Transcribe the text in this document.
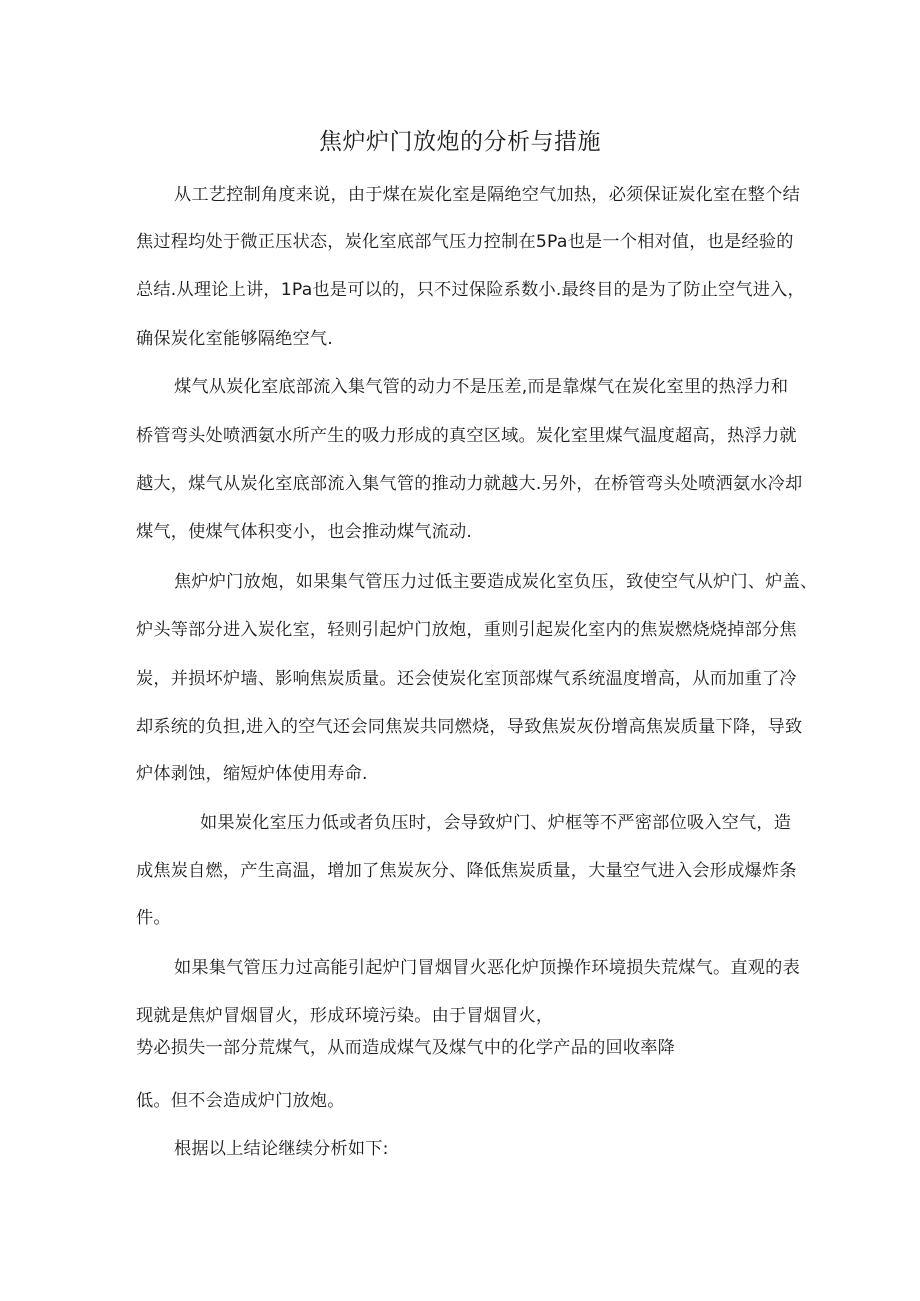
焦炉炉门放炮的分析与措施

从工艺控制角度来说，由于煤在炭化室是隔绝空气加热，必须保证炭化室在整个结

焦过程均处于微正压状态，炭化室底部气压力控制在5Pa也是一个相对值，也是经验的

总结.从理论上讲，1Pa也是可以的，只不过保险系数小.最终目的是为了防止空气进入，

确保炭化室能够隔绝空气.

煤气从炭化室底部流入集气管的动力不是压差,而是靠煤气在炭化室里的热浮力和

桥管弯头处喷洒氨水所产生的吸力形成的真空区域。炭化室里煤气温度超高，热浮力就

越大，煤气从炭化室底部流入集气管的推动力就越大.另外，在桥管弯头处喷洒氨水冷却

煤气，使煤气体积变小，也会推动煤气流动.

焦炉炉门放炮，如果集气管压力过低主要造成炭化室负压，致使空气从炉门、炉盖、

炉头等部分进入炭化室，轻则引起炉门放炮，重则引起炭化室内的焦炭燃烧烧掉部分焦

炭，并损坏炉墙、影响焦炭质量。还会使炭化室顶部煤气系统温度增高，从而加重了冷

却系统的负担,进入的空气还会同焦炭共同燃烧，导致焦炭灰份增高焦炭质量下降，导致

炉体剥蚀，缩短炉体使用寿命.

如果炭化室压力低或者负压时，会导致炉门、炉框等不严密部位吸入空气，造

成焦炭自燃，产生高温，增加了焦炭灰分、降低焦炭质量，大量空气进入会形成爆炸条

件。

如果集气管压力过高能引起炉门冒烟冒火恶化炉顶操作环境损失荒煤气。直观的表

现就是焦炉冒烟冒火，形成环境污染。由于冒烟冒火，

势必损失一部分荒煤气，从而造成煤气及煤气中的化学产品的回收率降

低。但不会造成炉门放炮。

根据以上结论继续分析如下:
